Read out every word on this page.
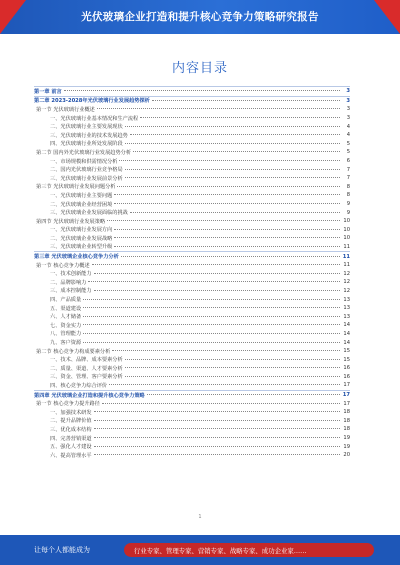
光伏玻璃企业打造和提升核心竞争力策略研究报告
内容目录
第一章 前言	3
第二章 2023-2028年光伏玻璃行业发展趋势探析	3
第一节 光伏玻璃行业概述	3
一、光伏玻璃行业基本情况和生产流程	3
二、光伏玻璃行业主要发展现状	4
三、光伏玻璃行业的技术发展趋势	4
四、光伏玻璃行业所处发展阶段	5
第二节 国内外光伏玻璃行业发展趋势分析	5
一、市场规模和供需情况分析	6
二、国内光伏玻璃行业竞争格局	7
三、光伏玻璃行业发展前景分析	7
第三节 光伏玻璃行业发展问题分析	8
一、光伏玻璃行业主要问题	8
二、光伏玻璃企业经营困境	9
三、光伏玻璃企业发展面临的挑战	9
第四节 光伏玻璃行业发展策略	10
一、光伏玻璃行业发展方向	10
二、光伏玻璃企业发展战略	10
三、光伏玻璃企业转型升级	11
第三章 光伏玻璃企业核心竞争力分析	11
第一节 核心竞争力概述	11
一、技术创新能力	12
二、品牌影响力	12
三、成本控制能力	12
四、产品质量	13
五、渠道建设	13
六、人才储备	13
七、资金实力	14
八、管理能力	14
九、客户资源	14
第二节 核心竞争力构成要素分析	15
一、技术、品牌、成本要素分析	15
二、质量、渠道、人才要素分析	16
三、资金、管理、客户要素分析	16
四、核心竞争力综合评价	17
第四章 光伏玻璃企业打造和提升核心竞争力策略	17
第一节 核心竞争力提升路径	17
一、加强技术研发	18
二、提升品牌价值	18
三、优化成本结构	18
四、完善营销渠道	19
五、强化人才建设	19
六、提高管理水平	20
1
让每个人都能成为	行业专家、管理专家、营销专家、战略专家、成功企业家……
